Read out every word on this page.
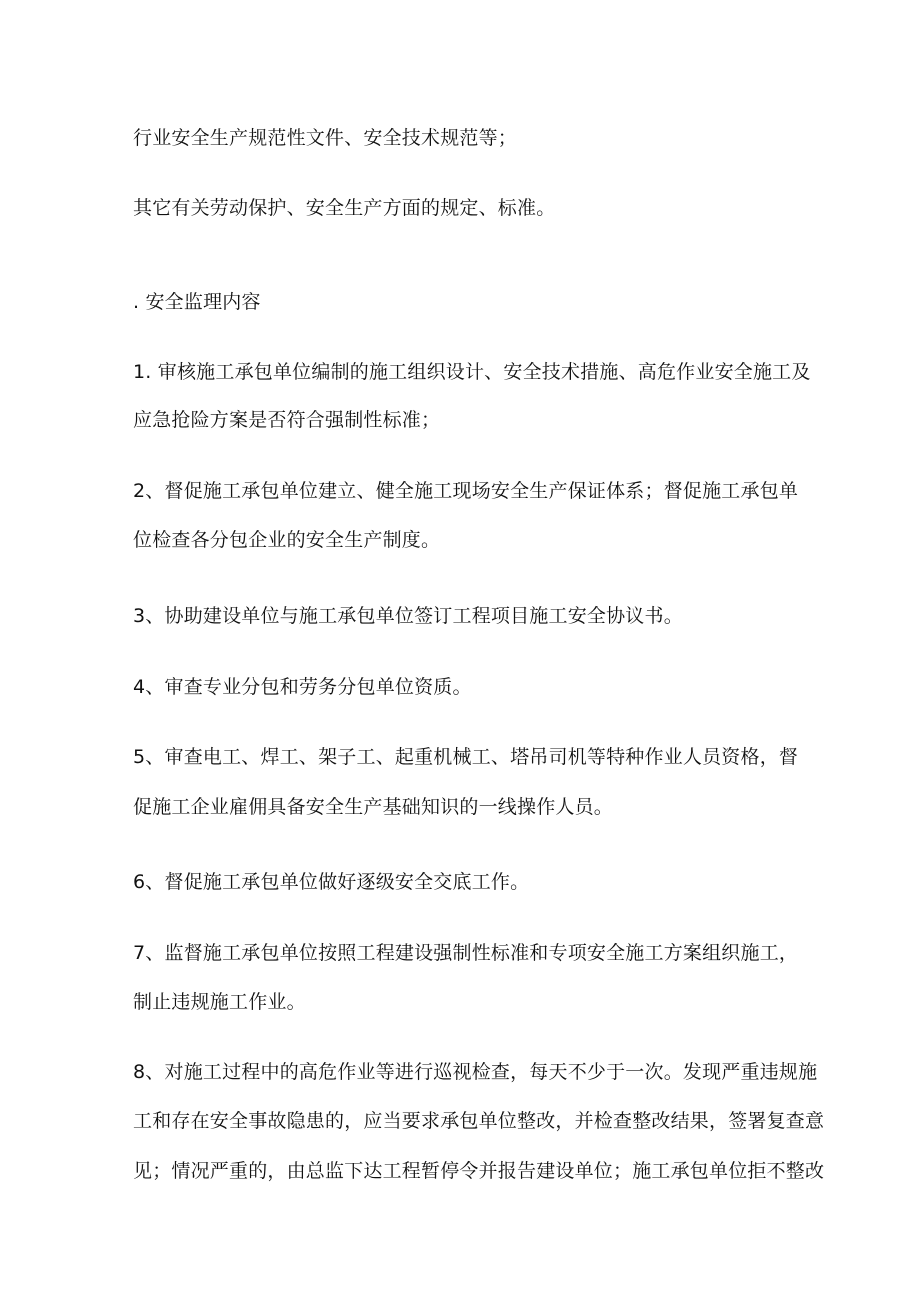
行业安全生产规范性文件、安全技术规范等；
其它有关劳动保护、安全生产方面的规定、标准。
. 安全监理内容
1. 审核施工承包单位编制的施工组织设计、安全技术措施、高危作业安全施工及
应急抢险方案是否符合强制性标准；
2、督促施工承包单位建立、健全施工现场安全生产保证体系；督促施工承包单
位检查各分包企业的安全生产制度。
3、协助建设单位与施工承包单位签订工程项目施工安全协议书。
4、审查专业分包和劳务分包单位资质。
5、审查电工、焊工、架子工、起重机械工、塔吊司机等特种作业人员资格，督
促施工企业雇佣具备安全生产基础知识的一线操作人员。
6、督促施工承包单位做好逐级安全交底工作。
7、监督施工承包单位按照工程建设强制性标准和专项安全施工方案组织施工，
制止违规施工作业。
8、对施工过程中的高危作业等进行巡视检查，每天不少于一次。发现严重违规施
工和存在安全事故隐患的，应当要求承包单位整改，并检查整改结果，签署复查意
见；情况严重的，由总监下达工程暂停令并报告建设单位；施工承包单位拒不整改
